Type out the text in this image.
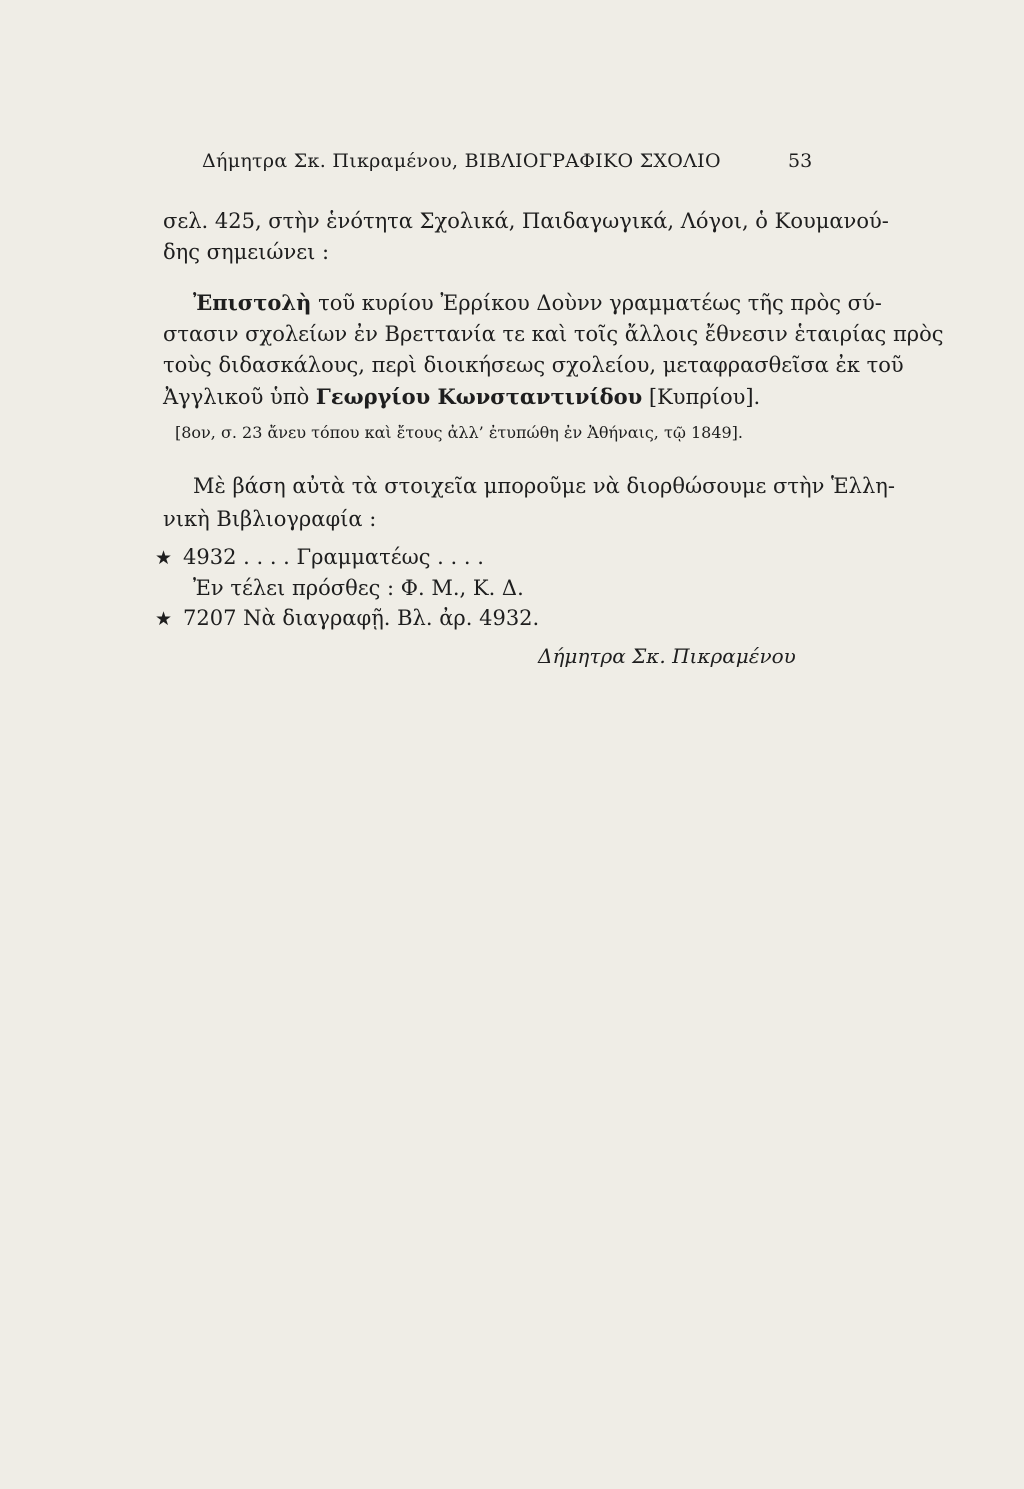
Δήμητρα Σκ. Πικραμένου, ΒΙΒΛΙΟΓΡΑΦΙΚΟ ΣΧΟΛΙΟ	53
σελ. 425, στὴν ἑνότητα Σχολικά, Παιδαγωγικά, Λόγοι, ὁ Κουμανού-
δης σημειώνει :
Ἐπιστολὴ τοῦ κυρίου Ἐρρίκου Δοὺνν γραμματέως τῆς πρὸς σύ-
στασιν σχολείων ἐν Βρεττανία τε καὶ τοῖς ἄλλοις ἔθνεσιν ἑταιρίας πρὸς
τοὺς διδασκάλους, περὶ διοικήσεως σχολείου, μεταφρασθεῖσα ἐκ τοῦ
Ἀγγλικοῦ ὑπὸ Γεωργίου Κωνσταντινίδου [Κυπρίου].
[8ον, σ. 23 ἄνευ τόπου καὶ ἔτους ἀλλ’ ἐτυπώθη ἐν Ἀθήναις, τῷ 1849].
Μὲ βάση αὐτὰ τὰ στοιχεῖα μποροῦμε νὰ διορθώσουμε στὴν Ἑλλη-
νικὴ Βιβλιογραφία :
★ 4932 . . . . Γραμματέως . . . .
Ἐν τέλει πρόσθες : Φ. Μ., Κ. Δ.
★ 7207 Νὰ διαγραφῇ. Βλ. ἀρ. 4932.
Δήμητρα Σκ. Πικραμένου
